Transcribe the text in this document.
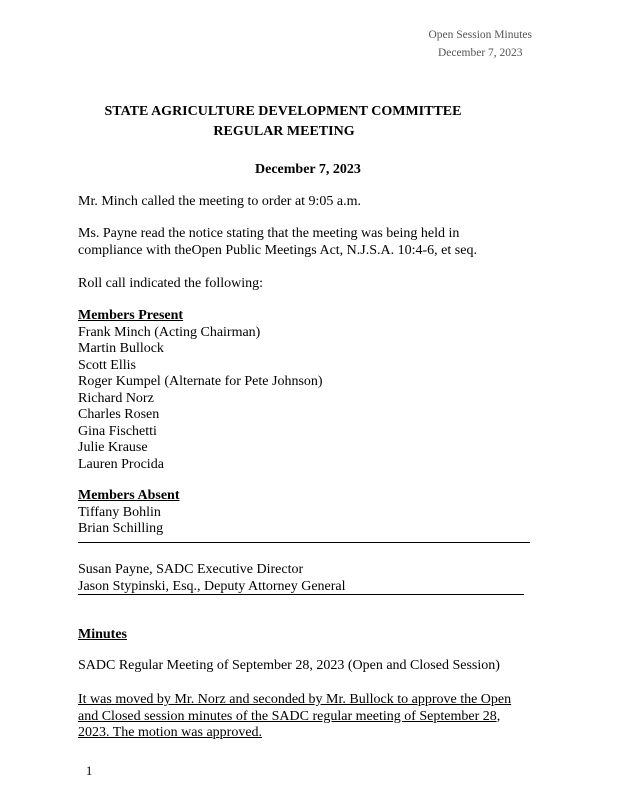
Open Session Minutes
December 7, 2023
STATE AGRICULTURE DEVELOPMENT COMMITTEE
REGULAR MEETING
December 7, 2023
Mr. Minch called the meeting to order at 9:05 a.m.
Ms. Payne read the notice stating that the meeting was being held in
compliance with theOpen Public Meetings Act, N.J.S.A. 10:4-6, et seq.
Roll call indicated the following:
Members Present
Frank Minch (Acting Chairman)
Martin Bullock
Scott Ellis
Roger Kumpel (Alternate for Pete Johnson)
Richard Norz
Charles Rosen
Gina Fischetti
Julie Krause
Lauren Procida
Members Absent
Tiffany Bohlin
Brian Schilling
Susan Payne, SADC Executive Director
Jason Stypinski, Esq., Deputy Attorney General
Minutes
SADC Regular Meeting of September 28, 2023 (Open and Closed Session)
It was moved by Mr. Norz and seconded by Mr. Bullock to approve the Open
and Closed session minutes of the SADC regular meeting of September 28,
2023. The motion was approved.
1
